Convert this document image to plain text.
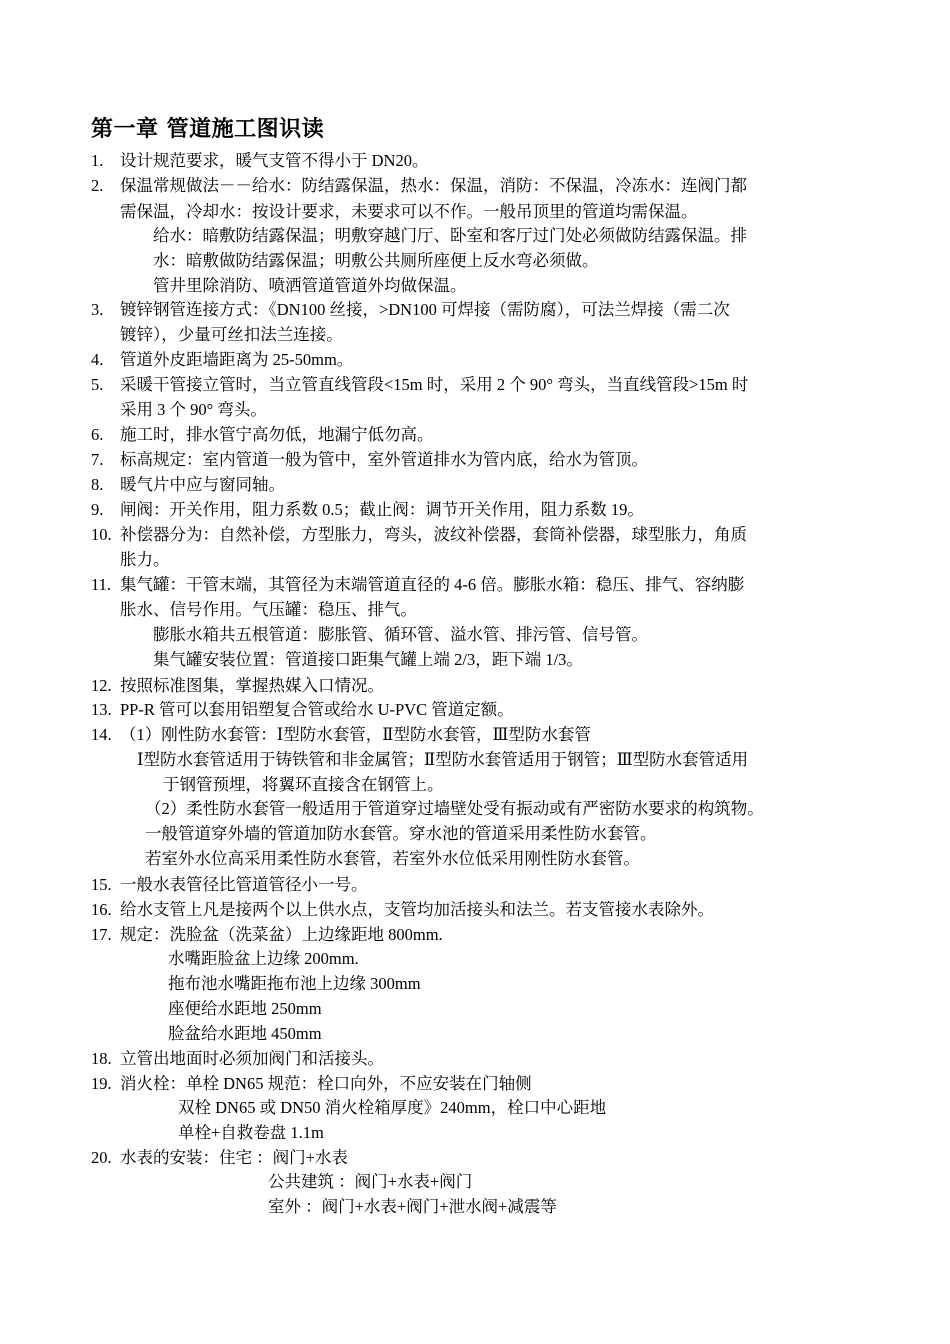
第一章 管道施工图识读

1. 设计规范要求，暖气支管不得小于 DN20。

2. 保温常规做法－－给水：防结露保温，热水：保温，消防：不保温，冷冻水：连阀门都

需保温，冷却水：按设计要求，未要求可以不作。一般吊顶里的管道均需保温。

给水：暗敷防结露保温；明敷穿越门厅、卧室和客厅过门处必须做防结露保温。排

水：暗敷做防结露保温；明敷公共厕所座便上反水弯必须做。

管井里除消防、喷洒管道管道外均做保温。

3. 镀锌钢管连接方式：《DN100 丝接，>DN100 可焊接（需防腐），可法兰焊接（需二次

镀锌），少量可丝扣法兰连接。

4. 管道外皮距墙距离为 25-50mm。

5. 采暖干管接立管时，当立管直线管段<15m 时，采用 2 个 90° 弯头，当直线管段>15m 时

采用 3 个 90° 弯头。

6. 施工时，排水管宁高勿低，地漏宁低勿高。

7. 标高规定：室内管道一般为管中，室外管道排水为管内底，给水为管顶。

8. 暖气片中应与窗同轴。

9. 闸阀：开关作用，阻力系数 0.5；截止阀：调节开关作用，阻力系数 19。

10. 补偿器分为：自然补偿，方型胀力，弯头，波纹补偿器，套筒补偿器，球型胀力，角质

胀力。

11. 集气罐：干管末端，其管径为末端管道直径的 4-6 倍。膨胀水箱：稳压、排气、容纳膨

胀水、信号作用。气压罐：稳压、排气。

膨胀水箱共五根管道：膨胀管、循环管、溢水管、排污管、信号管。

集气罐安装位置：管道接口距集气罐上端 2/3，距下端 1/3。

12. 按照标准图集，掌握热媒入口情况。

13. PP-R 管可以套用铝塑复合管或给水 U-PVC 管道定额。

14. （1）刚性防水套管：Ⅰ型防水套管，Ⅱ型防水套管，Ⅲ型防水套管

Ⅰ型防水套管适用于铸铁管和非金属管；Ⅱ型防水套管适用于钢管；Ⅲ型防水套管适用

于钢管预埋，将翼环直接含在钢管上。

（2）柔性防水套管一般适用于管道穿过墙壁处受有振动或有严密防水要求的构筑物。

一般管道穿外墙的管道加防水套管。穿水池的管道采用柔性防水套管。

若室外水位高采用柔性防水套管，若室外水位低采用刚性防水套管。

15. 一般水表管径比管道管径小一号。

16. 给水支管上凡是接两个以上供水点，支管均加活接头和法兰。若支管接水表除外。

17. 规定：洗脸盆（洗菜盆）上边缘距地 800mm.

水嘴距脸盆上边缘 200mm.

拖布池水嘴距拖布池上边缘 300mm

座便给水距地 250mm

脸盆给水距地 450mm

18. 立管出地面时必须加阀门和活接头。

19. 消火栓：单栓 DN65 规范：栓口向外，不应安装在门轴侧

双栓 DN65 或 DN50 消火栓箱厚度》240mm，栓口中心距地

单栓+自救卷盘 1.1m

20. 水表的安装：住宅 ：阀门+水表

公共建筑 ：阀门+水表+阀门

室外 ：阀门+水表+阀门+泄水阀+减震等
